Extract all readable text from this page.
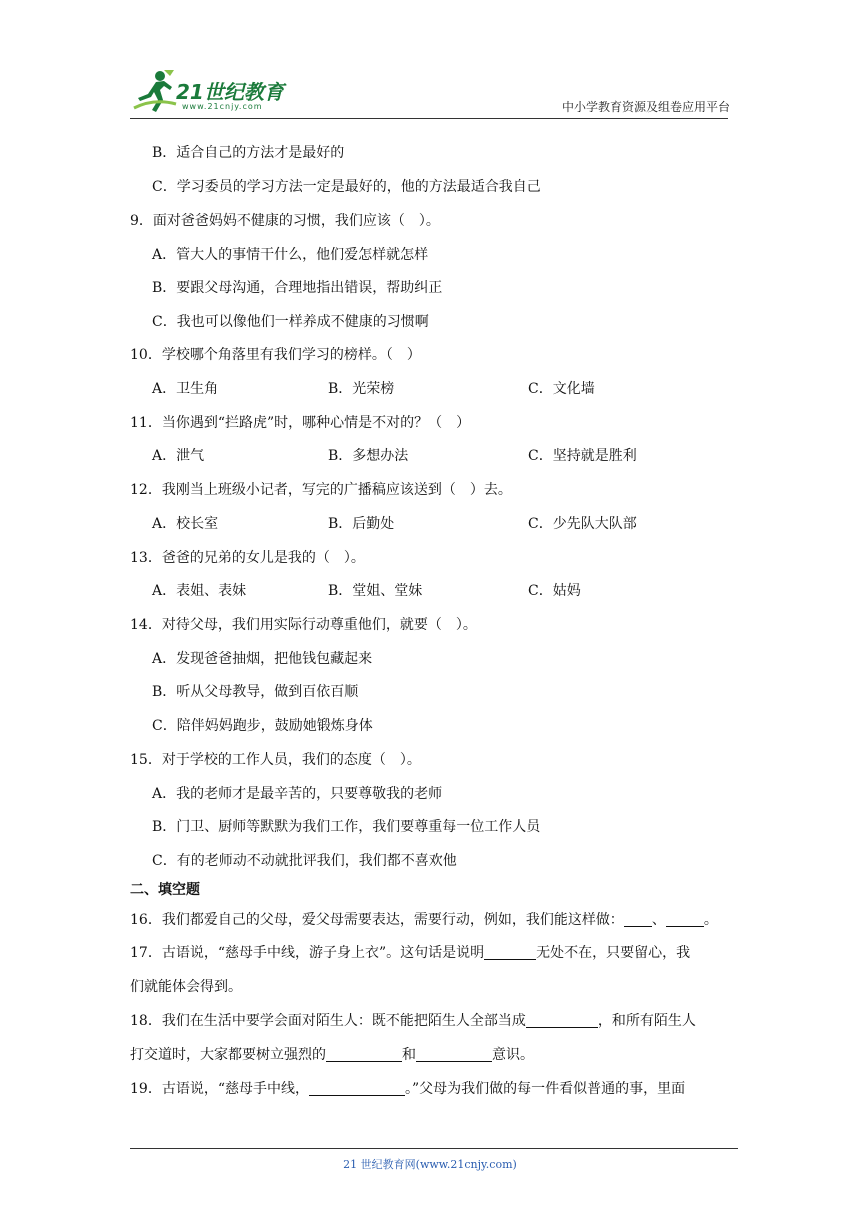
21世纪教育
www.21cnjy.com	中小学教育资源及组卷应用平台
B．适合自己的方法才是最好的
C．学习委员的学习方法一定是最好的，他的方法最适合我自己
9．面对爸爸妈妈不健康的习惯，我们应该（　）。
A．管大人的事情干什么，他们爱怎样就怎样
B．要跟父母沟通，合理地指出错误，帮助纠正
C．我也可以像他们一样养成不健康的习惯啊
10．学校哪个角落里有我们学习的榜样。（　）
A．卫生角	B．光荣榜	C．文化墙
11．当你遇到“拦路虎”时，哪种心情是不对的？（　）
A．泄气	B．多想办法	C．坚持就是胜利
12．我刚当上班级小记者，写完的广播稿应该送到（　）去。
A．校长室	B．后勤处	C．少先队大队部
13．爸爸的兄弟的女儿是我的（　）。
A．表姐、表妹	B．堂姐、堂妹	C．姑妈
14．对待父母，我们用实际行动尊重他们，就要（　）。
A．发现爸爸抽烟，把他钱包藏起来
B．听从父母教导，做到百依百顺
C．陪伴妈妈跑步，鼓励她锻炼身体
15．对于学校的工作人员，我们的态度（　）。
A．我的老师才是最辛苦的，只要尊敬我的老师
B．门卫、厨师等默默为我们工作，我们要尊重每一位工作人员
C．有的老师动不动就批评我们，我们都不喜欢他
二、填空题
16．我们都爱自己的父母，爱父母需要表达，需要行动，例如，我们能这样做： 、	。
17．古语说，“慈母手中线，游子身上衣”。这句话是说明	无处不在，只要留心，我
们就能体会得到。
18．我们在生活中要学会面对陌生人：既不能把陌生人全部当成	，和所有陌生人
打交道时，大家都要树立强烈的	和	意识。
19．古语说，“慈母手中线，	。”父母为我们做的每一件看似普通的事，里面
21 世纪教育网(www.21cnjy.com)
